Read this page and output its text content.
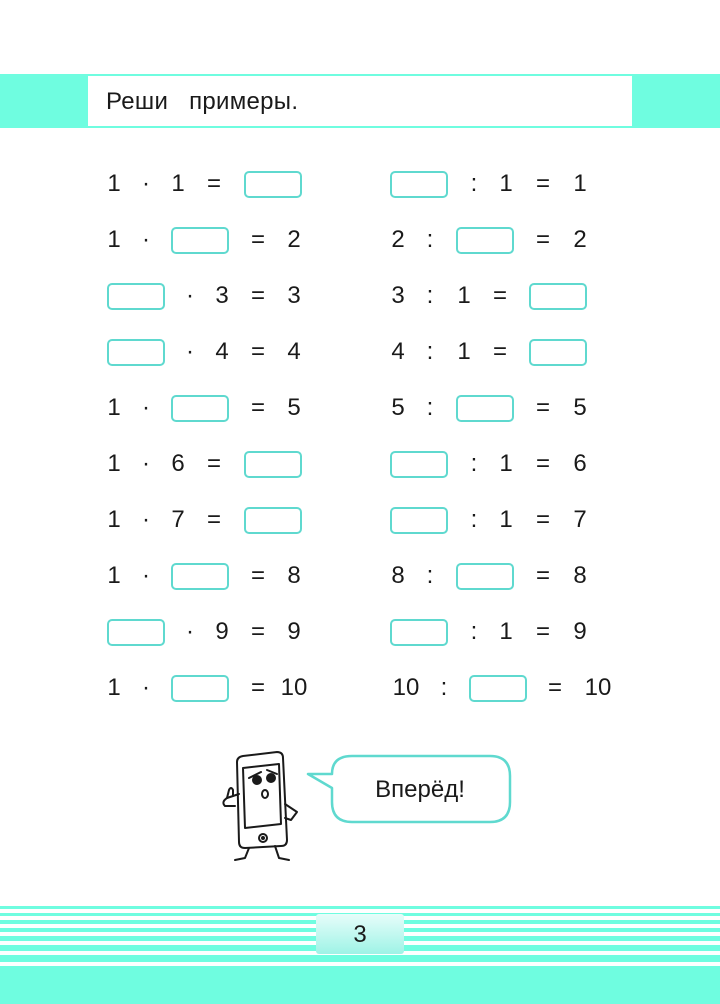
Реши   примеры.
1 · 1 =
1 ·	= 2
· 3 = 3
· 4 = 4
1 ·	= 5
1 · 6 =
1 · 7 =
1 ·	= 8
· 9 = 9
1 ·	= 10
: 1 = 1
2 :	= 2
3 : 1 =
4 : 1 =
5 :	= 5
: 1 = 6
: 1 = 7
8 :	= 8
: 1 = 9
10 :	= 10
Вперёд!
3
